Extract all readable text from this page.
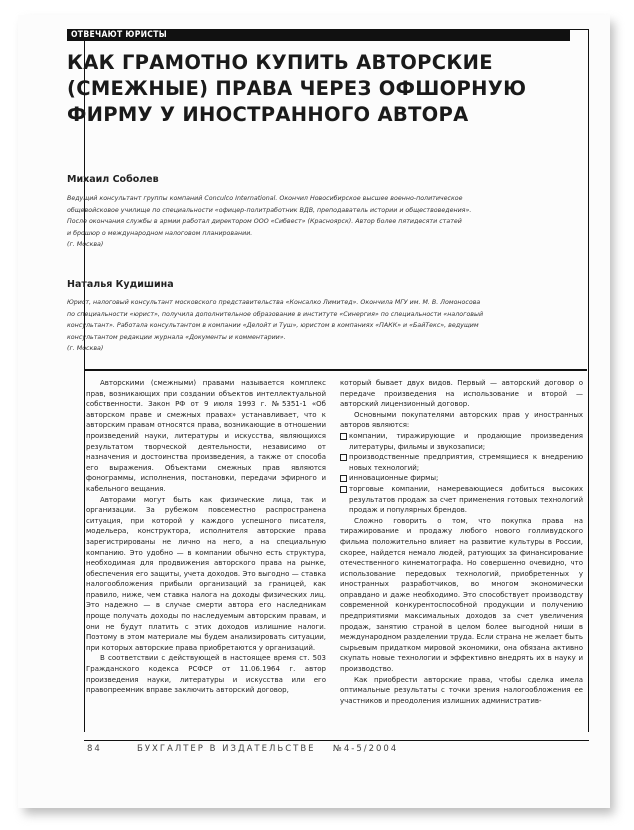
ОТВЕЧАЮТ ЮРИСТЫ
КАК ГРАМОТНО КУПИТЬ АВТОРСКИЕ
(СМЕЖНЫЕ) ПРАВА ЧЕРЕЗ ОФШОРНУЮ
ФИРМУ У ИНОСТРАННОГО АВТОРА
Михаил Соболев

Ведущий консультант группы компаний Conculco International. Окончил Новосибирское высшее военно-политическое
общевойсковое училище по специальности «офицер-политработник ВДВ, преподаватель истории и обществоведения».
После окончания службы в армии работал директором ООО «Сибвест» (Красноярск). Автор более пятидесяти статей
и брошюр о международном налоговом планировании.
(г. Москва)

Наталья Кудишина

Юрист, налоговый консультант московского представительства «Консалко Лимитед». Окончила МГУ им. М. В. Ломоносова
по специальности «юрист», получила дополнительное образование в институте «Синергия» по специальности «налоговый
консультант». Работала консультантом в компании «Делойт и Туш», юристом в компаниях «ПАКК» и «БайТекс», ведущим
консультантом редакции журнала «Документы и комментарии».
(г. Москва)

Авторскими (смежными) правами называется комплекс прав, возникающих при создании объектов интеллектуальной собственности. Закон РФ от 9 июля 1993 г. №5351-1 «Об авторском праве и смежных правах» устанавливает, что к авторским правам относятся права, возникающие в отношении произведений науки, литературы и искусства, являющихся результатом творческой деятельности, независимо от назначения и достоинства произведения, а также от способа его выражения. Объектами смежных прав являются фонограммы, исполнения, постановки, передачи эфирного и кабельного вещания.

Авторами могут быть как физические лица, так и организации. За рубежом повсеместно распространена ситуация, при которой у каждого успешного писателя, модельера, конструктора, исполнителя авторские права зарегистрированы не лично на него, а на специальную компанию. Это удобно — в компании обычно есть структура, необходимая для продвижения авторского права на рынке, обеспечения его защиты, учета доходов. Это выгодно — ставка налогообложения прибыли организаций за границей, как правило, ниже, чем ставка налога на доходы физических лиц. Это надежно — в случае смерти автора его наследникам проще получать доходы по наследуемым авторским правам, и они не будут платить с этих доходов излишние налоги. Поэтому в этом материале мы будем анализировать ситуации, при которых авторские права приобретаются у организаций.

В соответствии с действующей в настоящее время ст. 503 Гражданского кодекса РСФСР от 11.06.1964 г. автор произведения науки, литературы и искусства или его правопреемник вправе заключить авторский договор,

который бывает двух видов. Первый — авторский договор о передаче произведения на использование и второй — авторский лицензионный договор.

Основными покупателями авторских прав у иностранных авторов являются:

компании, тиражирующие и продающие произведения литературы, фильмы и звукозаписи;
производственные предприятия, стремящиеся к внедрению новых технологий;
инновационные фирмы;
торговые компании, намеревающиеся добиться высоких результатов продаж за счет применения готовых технологий продаж и популярных брендов.

Сложно говорить о том, что покупка права на тиражирование и продажу любого нового голливудского фильма положительно влияет на развитие культуры в России, скорее, найдется немало людей, ратующих за финансирование отечественного кинематографа. Но совершенно очевидно, что использование передовых технологий, приобретенных у иностранных разработчиков, во многом экономически оправдано и даже необходимо. Это способствует производству современной конкурентоспособной продукции и получению предприятиями максимальных доходов за счет увеличения продаж, занятию страной в целом более выгодной ниши в международном разделении труда. Если страна не желает быть сырьевым придатком мировой экономики, она обязана активно скупать новые технологии и эффективно внедрять их в науку и производство.

Как приобрести авторские права, чтобы сделка имела оптимальные результаты с точки зрения налогообложения ее участников и преодоления излишних административ-

84	БУХГАЛТЕР В ИЗДАТЕЛЬСТВЕ №4-5/2004
